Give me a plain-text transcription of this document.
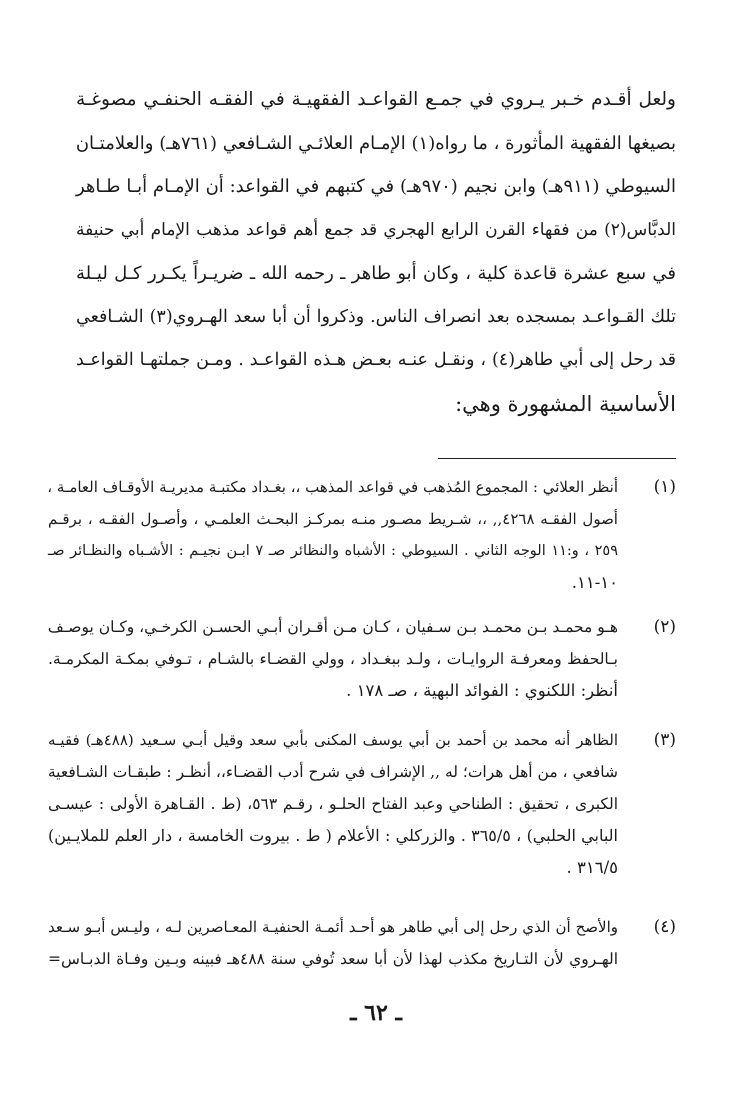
ولعل أقـدم خـبر يـروي في جمـع القواعـد الفقهيـة في الفقـه الحنفـي مصوغـة
بصيغها الفقهية المأثورة ، ما رواه(١) الإمـام العلائـي الشـافعي (٧٦١هـ) والعلامتـان
السيوطي (٩١١هـ) وابن نجيم (٩٧٠هـ) في كتبهم في القواعد: أن الإمـام أبـا طـاهر
الدبَّاس(٢) من فقهاء القرن الرابع الهجري قد جمع أهم قواعد مذهب الإمام أبي حنيفة
في سبع عشرة قاعدة كلية ، وكان أبو طاهر ـ رحمه الله ـ ضريـراً يكـرر كـل ليـلة
تلك القـواعـد بمسجده بعد انصراف الناس. وذكروا أن أبا سعد الهـروي(٣) الشـافعي
قد رحل إلى أبي طاهر(٤) ، ونقـل عنـه بعـض هـذه القواعـد . ومـن جملتهـا القواعـد
الأساسية المشهورة وهي:
(١)
أنظر العلائي : المجموع المُذهب في قواعد المذهب ،، بغـداد مكتبـة مديريـة الأوقـاف العامـة ،
أصول الفقـه ٤٢٦٨,, ،، شـريط مصـور منـه بمركـز البحـث العلمـي ، وأصـول الفقـه ، برقـم
٢٥٩ ، و:١١ الوجه الثاني . السيوطي : الأشباه والنظائر صـ ٧ ابـن نجيـم : الأشـباه والنظـائر صـ
١٠-١١.
(٢)
هـو محمـد بـن محمـد بـن سـفيان ، كـان مـن أقـران أبـي الحسـن الكرخـي، وكـان يوصـف
بـالحفظ ومعرفـة الروايـات ، ولـد ببغـداد ، وولي القضـاء بالشـام ، تـوفي بمكـة المكرمـة.
أنظر: اللكنوي : الفوائد البهية ، صـ ١٧٨ .
(٣)
الظاهر أنه محمد بن أحمد بن أبي يوسف المكنى بأبي سعد وقيل أبـي سـعيد (٤٨٨هـ) فقيـه
شافعي ، من أهل هرات؛ له ,, الإشراف في شرح أدب القضـاء،، أنظـر : طبقـات الشـافعية
الكبرى ، تحقيق : الطناحي وعبد الفتاح الحلـو ، رقـم ٥٦٣، (ط . القـاهرة الأولى : عيسـى
البابي الحلبي) ، ٣٦٥/٥ . والزركلي : الأعلام ( ط . بيروت الخامسة ، دار العلم للملايـين)
٣١٦/٥ .
(٤)
والأصح أن الذي رحل إلى أبي طاهر هو أحـد أئمـة الحنفيـة المعـاصرين لـه ، وليـس أبـو سـعد
الهـروي لأن التـاريخ مكذب لهذا لأن أبا سعد تُوفي سنة ٤٨٨هـ فبينه وبـين وفـاة الدبـاس=
ـ ٦٢ ـ
